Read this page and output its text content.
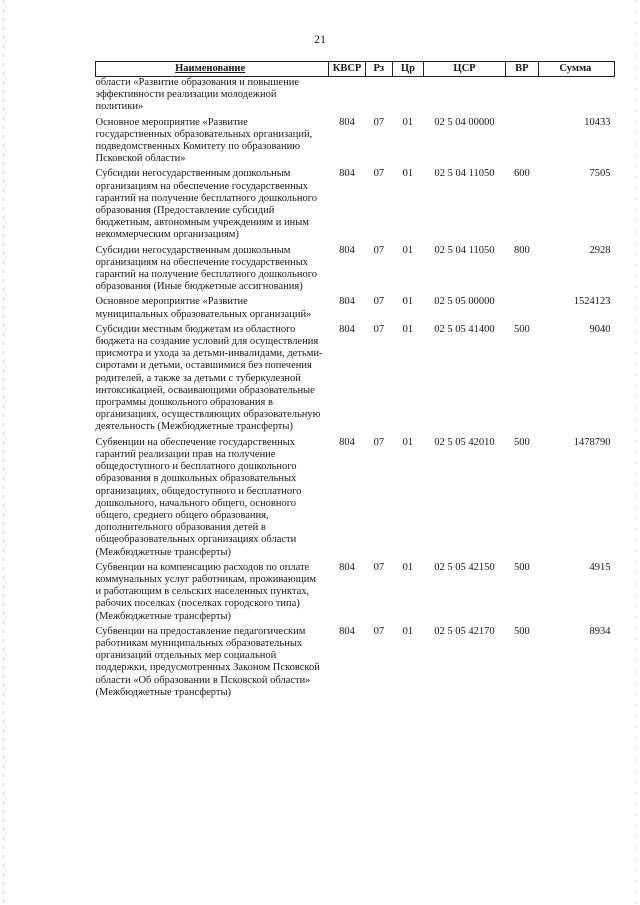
21
Наименование	КВСР	Рз	Цр	ЦСР	ВР	Сумма
области «Развитие образования и повышение эффективности реализации молодежной политики»						
Основное мероприятие «Развитие государственных образовательных организаций, подведомственных Комитету по образованию Псковской области»	804	07	01	02 5 04 00000		10433
Субсидии негосударственным дошкольным организациям на обеспечение государственных гарантий на получение бесплатного дошкольного образования (Предоставление субсидий бюджетным, автономным учреждениям и иным некоммерческим организациям)	804	07	01	02 5 04 11050	600	7505
Субсидии негосударственным дошкольным организациям на обеспечение государственных гарантий на получение бесплатного дошкольного образования (Иные бюджетные ассигнования)	804	07	01	02 5 04 11050	800	2928
Основное мероприятие «Развитие муниципальных образовательных организаций»	804	07	01	02 5 05 00000		1524123
Субсидии местным бюджетам из областного бюджета на создание условий для осуществления присмотра и ухода за детьми-инвалидами, детьми-сиротами и детьми, оставшимися без попечения родителей, а также за детьми с туберкулезной интоксикацией, осваивающими образовательные программы дошкольного образования в организациях, осуществляющих образовательную деятельность (Межбюджетные трансферты)	804	07	01	02 5 05 41400	500	9040
Субвенции на обеспечение государственных гарантий реализации прав на получение общедоступного и бесплатного дошкольного образования в дошкольных образовательных организациях, общедоступного и бесплатного дошкольного, начального общего, основного общего, среднего общего образования, дополнительного образования детей в общеобразовательных организациях области (Межбюджетные трансферты)	804	07	01	02 5 05 42010	500	1478790
Субвенции на компенсацию расходов по оплате коммунальных услуг работникам, проживающим и работающим в сельских населенных пунктах, рабочих поселках (поселках городского типа) (Межбюджетные трансферты)	804	07	01	02 5 05 42150	500	4915
Субвенции на предоставление педагогическим работникам муниципальных образовательных организаций отдельных мер социальной поддержки, предусмотренных Законом Псковской области «Об образовании в Псковской области» (Межбюджетные трансферты)	804	07	01	02 5 05 42170	500	8934
